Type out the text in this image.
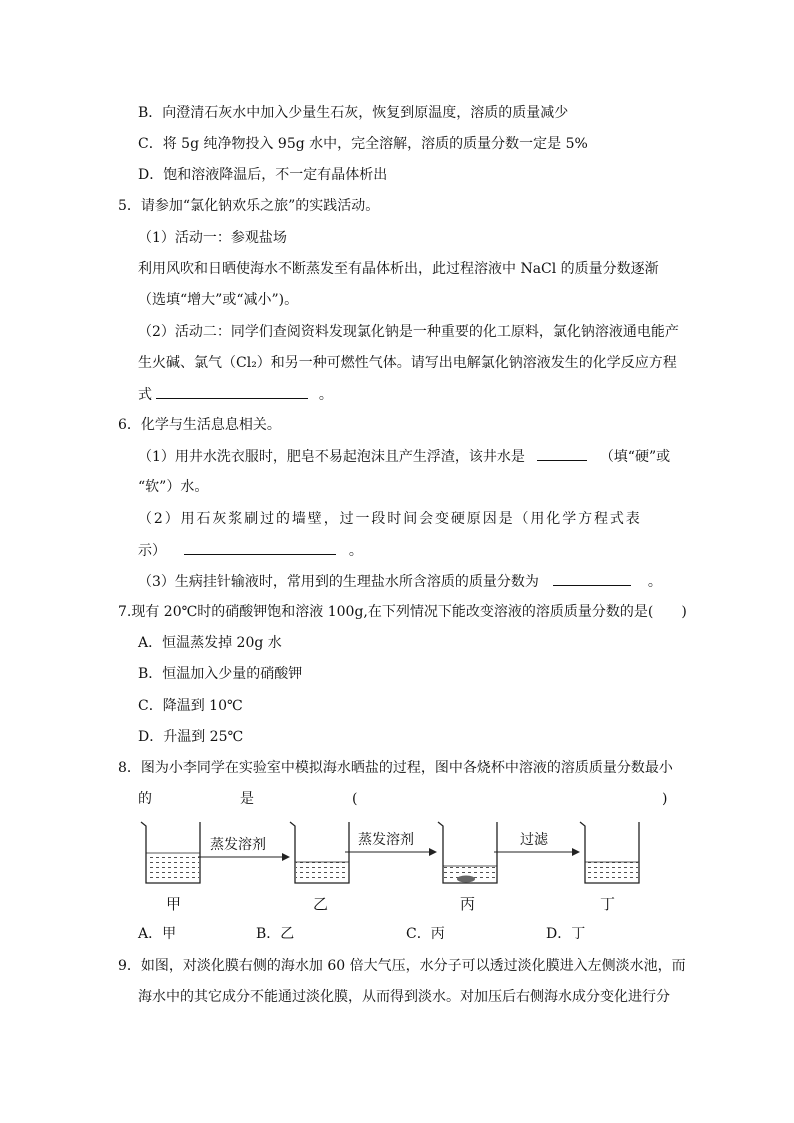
B．向澄清石灰水中加入少量生石灰，恢复到原温度，溶质的质量减少
C．将 5g 纯净物投入 95g 水中，完全溶解，溶质的质量分数一定是 5%
D．饱和溶液降温后，不一定有晶体析出
5．请参加“氯化钠欢乐之旅”的实践活动。
（1）活动一：参观盐场
利用风吹和日晒使海水不断蒸发至有晶体析出，此过程溶液中 NaCl 的质量分数逐渐
（选填“增大”或“减小”)。
（2）活动二：同学们查阅资料发现氯化钠是一种重要的化工原料，氯化钠溶液通电能产
生火碱、氯气（Cl₂）和另一种可燃性气体。请写出电解氯化钠溶液发生的化学反应方程
式	。
6．化学与生活息息相关。
（1）用井水洗衣服时，肥皂不易起泡沫且产生浮渣，该井水是	（填“硬”或
“软”）水。
（2）用石灰浆刷过的墙壁，过一段时间会变硬原因是（用化学方程式表
示）	。
（3）生病挂针输液时，常用到的生理盐水所含溶质的质量分数为	。
7.现有 20℃时的硝酸钾饱和溶液 100g,在下列情况下能改变溶液的溶质质量分数的是(　　)
A．恒温蒸发掉 20g 水
B．恒温加入少量的硝酸钾
C．降温到 10℃
D．升温到 25℃
8．图为小李同学在实验室中模拟海水晒盐的过程，图中各烧杯中溶液的溶质质量分数最小
的	是	(	)
蒸发溶剂	蒸发溶剂	过滤
甲	乙	丙	丁
A．甲	B．乙	C．丙	D．丁
9．如图，对淡化膜右侧的海水加 60 倍大气压，水分子可以透过淡化膜进入左侧淡水池，而
海水中的其它成分不能通过淡化膜，从而得到淡水。对加压后右侧海水成分变化进行分
